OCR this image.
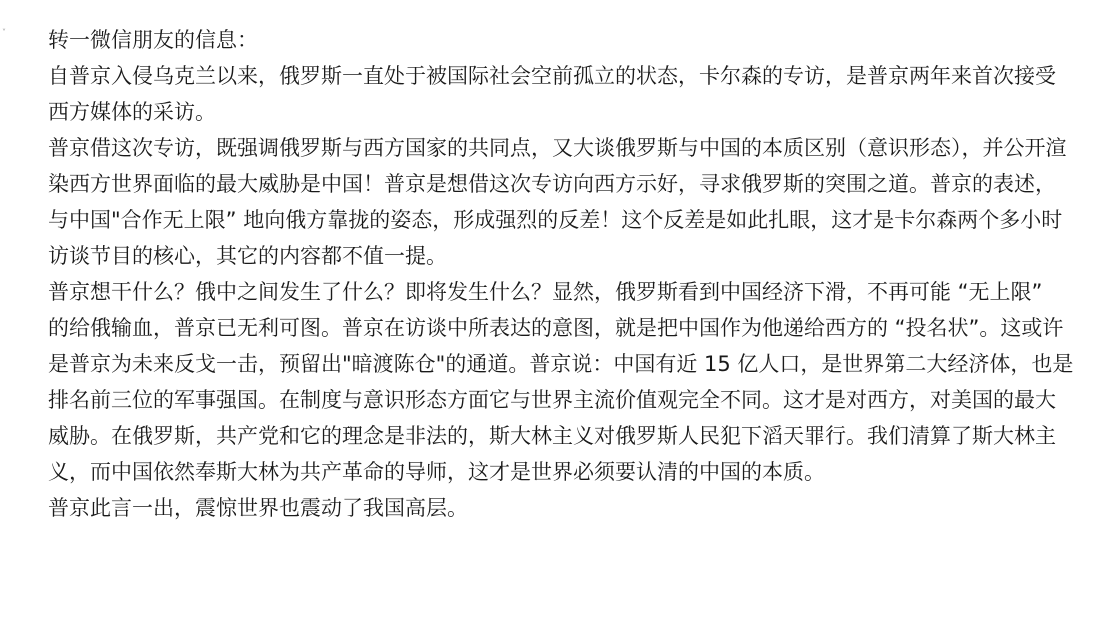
˅ 转一微信朋友的信息：
自普京入侵乌克兰以来，俄罗斯一直处于被国际社会空前孤立的状态，卡尔森的专访，是普京两年来首次接受
西方媒体的采访。
普京借这次专访，既强调俄罗斯与西方国家的共同点，又大谈俄罗斯与中国的本质区别（意识形态），并公开渲
染西方世界面临的最大威胁是中国！普京是想借这次专访向西方示好，寻求俄罗斯的突围之道。普京的表述，
与中国"合作无上限” 地向俄方靠拢的姿态，形成强烈的反差！这个反差是如此扎眼，这才是卡尔森两个多小时
访谈节目的核心，其它的内容都不值一提。
普京想干什么？俄中之间发生了什么？即将发生什么？显然，俄罗斯看到中国经济下滑，不再可能 “无上限”
的给俄输血，普京已无利可图。普京在访谈中所表达的意图，就是把中国作为他递给西方的 “投名状”。这或许
是普京为未来反戈一击，预留出"暗渡陈仓"的通道。普京说：中国有近 15 亿人口，是世界第二大经济体，也是
排名前三位的军事强国。在制度与意识形态方面它与世界主流价值观完全不同。这才是对西方，对美国的最大
威胁。在俄罗斯，共产党和它的理念是非法的，斯大林主义对俄罗斯人民犯下滔天罪行。我们清算了斯大林主
义，而中国依然奉斯大林为共产革命的导师，这才是世界必须要认清的中国的本质。
普京此言一出，震惊世界也震动了我国高层。
